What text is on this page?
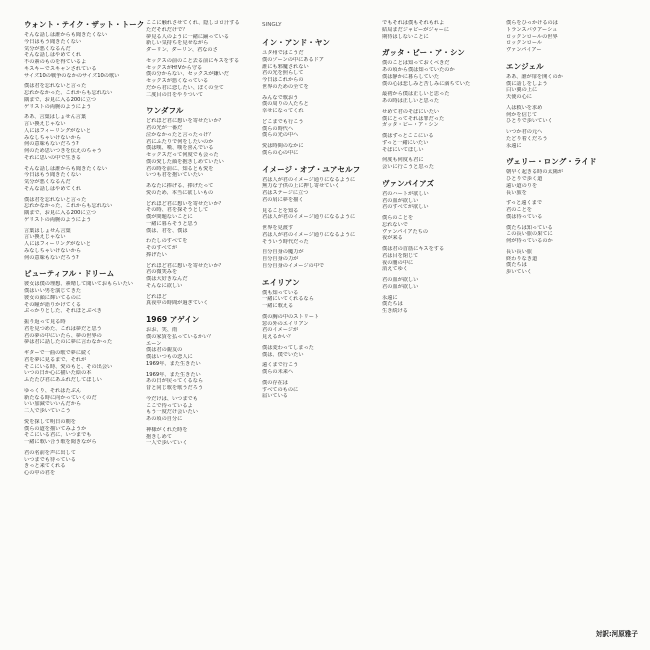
ウォント・テイク・ザット・トーク
そんな話しは誰からも聞きたくない
今日はもう聞きたくない
気分が悪くなるんだ
そんな話しはやめてくれ
不の素のものを得ているよ
キスキーでスキャンされている
サイズ10の戦争のなかのサイズ10の歌い
僕は君を忘れないと言った
忘れかなかった、これからも忘れない
隅まで、お見に入る200に立つ
ゲリストの両腕のようによう
ああ、言葉はしょせん言葉
言い換えじゃない
人にはフィーリングがないと
みなしちゃいけないから
何の意味もないだろう?
何のため思いつきを伝えのちゃう
それに思いの中で生きる
そんな話しは誰からも聞きたくない
今日はもう聞きたくない
気分が悪くなるんだ
そんな話しはやめてくれ
僕は君を忘れないと言った
忘れかなかった、これからも忘れない
隅まで、お見に入る200に立つ
ゲリストの両腕のようによう
言葉はしょせん言葉
言い換えじゃない
人にはフィーリングがないと
みなしちゃいけないから
何の意味もないだろう?
ビューティフル・ドリーム
彼女は僕の理想、素晴して聞いておもらいたい
僕はいい男を演じてきた
彼女の顔に輝いてるのに
その瞳が語りかけてくる
ぶっかりとした、それほとぶべき
振り返って見る時
君を見つめた、これは夢だと思う
君の夢の中にいたら、夢の世界の
夢は君に話したのに夢に言わなかった
ギターで一曲の歌で夢に続く
君を夢に見るまで、それが
そこにいる時、愛のもと、その出会い
いつの日か心に描いた絵の本
ふたたび君にあふれだしてほしい
ゆっくり、それはたぶん
新たなる時に向かっていくのだ
いい加減でいいんだから
二人で歩いていこう
愛を探して明日の朝を
僕らの道を描いてみようか
そこにいる君に、いつまでも
一緒に歌い合う歌を聞きながら
君の名前を声に出して
いつまでも待っている
きっと来てくれる
心の中の君を
ここに触れさせてくれ、隠しコロ汁する
ただそれだけで？
夢見る人のように一緒に踊っている
新しい気持ちを見せながら
ダーリン、ダーリン、君なのさ
セックスの前のこと去る前にキスをする
セックスがH!Vから守る
僕の分からない、セックスが嫌いだ
セックスが悪くなっている
だから君に恋したい、ぼくの全て
二度目の日をやりついて
ワンダフル
どれほど君に想いを寄せたいか？
君の光が一番だ
泣かなかったと言ったっけ？
君にふたりで何をしたいのか
僕は嘆、嘆、嘆を喜んでいる
セックスだって何度でも会った
僕の愛した顔を抱きしめていたい
君の時を前に、知るとも愛を
いつも君を抱いていたい
あなたに捧げる、捧げたって
愛のため、本当に欲しいもの
どれほど君に想いを寄せたいか？
その時、君を探そうとして
僕が問題ないことに
一緒に暮らそうと思う
僕は、君を、僕は
わたしのすべてを
そのすべてが
捧げたい
どれほど君に想いを寄せたいか？
君の微笑みを
僕は大好きなんだ
そんなに欲しい
どれほど
真夜中の時間が過ぎていく
1969 アゲイン
おお、笑、雨
僕の家賃を払っているかい？
エーン
僕は君の親友の
僕はいつもの恋人に
1969年、また生きたい
1969年、また生きたい
あの日が戻ってくるなら
昔と同じ歌を歌うだろう
今だけは、いつまでも
ここで待っているよ
もう一度だけ会いたい
あの頃の自分に
神様がくれた時を
抱きしめて
一人で歩いていく
SINGLY
イン・アンド・ヤン
ユタ州ではこうだ
僕のゾーンの中にあるドア
誰にも邪魔されない
君の光を照らして
今日はこれからの
世界のための全てを
みんなで歌おう
僕の周りの人たちと
幸せになってくれ
どこまでも行こう
僕らの時代へ
僕らの光の中へ
愛は時間のなかに
僕らの心の中に
イメージ・オブ・ユアセルフ
君は人が君のイメージ通りになるように
無力な子供の上に押し寄せていく
君はステージに立つ
君の肩に夢を描く
見ることを知る
君は人が君のイメージ通りになるように
世界を見渡す
君は人が君のイメージ通りになるように
そういう時代だった
自分自身の魔力が
自分自身の力が
自分自身のイメージの中で
エイリアン
僕も知っている
一緒にいてくれるなら
一緒に歌える
僕の胸の中のストリート
窓の外のエイリアン
君のイメージが
見えるかい？
僕は変わってしまった
僕は、僕でいたい
遠くまで行こう
僕らの未来へ
僕の存在は
すべてのものに
届いている
でもそれは僕もそれもれよ
結局まだジャビーがジャーに
期待はしないことに
ガッタ・ビー・ア・シン
僕のことは知っておくべきだ
あの頃から僕は知っていたのか
僕は静かに暮らしていた
僕の心は悲しみと苦しみに満ちていた
最初から僕は正しいと思った
あの時は正しいと思った
せめて君のそばにいたい
僕にとってそれは罪だった
ガッタ・ビー・ア・シン
僕はずっとここにいる
ずっと一緒にいたい
そばにいてほしい
何度も何度も君に
会いに行こうと思った
ヴァンパイアズ
君のハートが欲しい
君の血が欲しい
君のすべてが欲しい
僕らのことを
忘れないで
ヴァンパイアたちの
夜が来る
僕は君の首筋にキスをする
君は目を閉じて
夜の闇の中に
消えてゆく
君の血が欲しい
君の血が欲しい
永遠に
僕たちは
生き続ける
僕らをひっかけるのは
トランスバウアーシュ
ロックンロールの世界
ロックンロール
ヴァンパイアー
エンジェル
ああ、誰が扉を開くのか
僕に話しをしよう
白い翼の上に
天使の心に
人は救いを求め
何かを信じて
ひとりで歩いていく
いつか君の元へ
たどり着くだろう
永遠に
ヴェリー・ロング・ライド
朝早く起きる時の太陽が
ひとりで歩く道
遠い道のりを
長い旅を
ずっと遠くまで
君のことを
僕は待っている
僕たちは知っている
この長い旅の果てに
何が待っているのか
長い長い旅
終わりなき道
僕たちは
歩いていく
対訳:河原雅子
